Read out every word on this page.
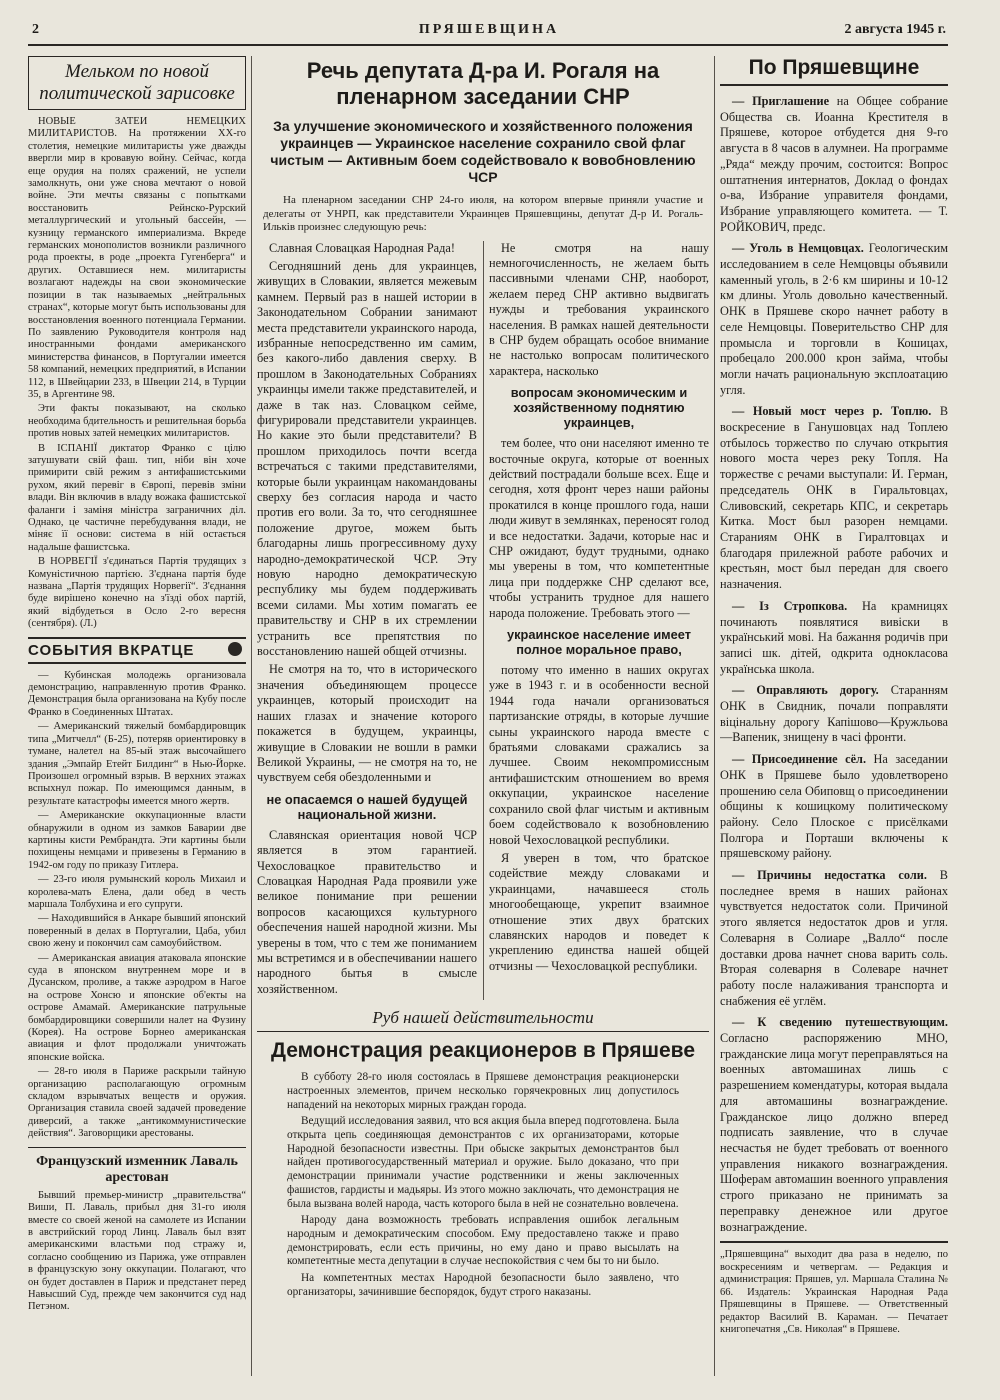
2	ПРЯШЕВЩИНА	2 августа 1945 г.
Мельком по новой политической зарисовке

НОВЫЕ ЗАТЕИ НЕМЕЦКИХ МИЛИТАРИСТОВ. На протяжении XX-го столетия, немецкие милитаристы уже дважды ввергли мир в кровавую войну. Сейчас, когда еще орудия на полях сражений, не успели замолкнуть, они уже снова мечтают о новой войне. Эти мечты связаны с попытками восстановить Рейнско-Рурский металлургический и угольный бассейн, — кузницу германского империализма. Вкреде германских монополистов возникли различного рода проекты, в роде „проекта Гугенберга“ и других. Оставшиеся нем. милитаристы возлагают надежды на свои экономические позиции в так называемых „нейтральных странах“, которые могут быть использованы для восстановления военного потенциала Германии. По заявлению Руководителя контроля над иностранными фондами американского министерства финансов, в Португалии имеется 58 компаний, немецких предприятий, в Испании 112, в Швейцарии 233, в Швеции 214, в Турции 35, в Аргентине 98.

Эти факты показывают, на сколько необходима бдительность и решительная борьба против новых затей немецких милитаристов.

В ІСПАНІЇ диктатор Франко с цілю затушувати свій фаш. тип, ніби він хоче примирити свій режим з антифашистськими рухом, який перевіг в Європі, перевів зміни влади. Він включив в владу вожака фашистської фаланги і заміня міністра заграничних діл. Однако, це частичне перебудування влади, не міняє її основи: система в ній остається надальше фашистська.

В НОРВЕГІЇ з'єдинаться Партія трудящих з Комуністичною партією. З'єднана партія буде названа „Партія трудящих Норвегії“. З'єднання буде вирішено конечно на з'їзді обох партій, який відбудеться в Осло 2-го вересня (сентября). (Л.)

СОБЫТИЯ ВКРАТЦЕ

— Кубинская молодежь организовала демонстрацию, направленную против Франко. Демонстрация была организована на Кубу после Франко в Соединенных Штатах.

— Американский тяжелый бомбардировщик типа „Митчелл“ (Б-25), потеряв ориентировку в тумане, налетел на 85-ый этаж высочайшего здания „Эмпайр Етейт Билдинг“ в Нью-Йорке. Произошел огромный взрыв. В верхних этажах вспыхнул пожар. По имеющимся данным, в результате катастрофы имеется много жертв.

— Американские оккупационные власти обнаружили в одном из замков Баварии две картины кисти Рембрандта. Эти картины были похищены немцами и привезены в Германию в 1942-ом году по приказу Гитлера.

— 23-го июля румынский король Михаил и королева-мать Елена, дали обед в честь маршала Толбухина и его супруги.

— Находившийся в Анкаре бывший японский поверенный в делах в Португалии, Цаба, убил свою жену и покончил сам самоубийством.

— Американская авиация атаковала японские суда в японском внутреннем море и в Дусанском, проливе, а также аэродром в Нагое на острове Хонсю и японские об'екты на острове Амамай. Американские патрульные бомбардировщики совершили налет на Фузину (Корея). На острове Борнео американская авиация и флот продолжали уничтожать японские войска.

— 28-го июля в Париже раскрыли тайную организацию располагающую огромным складом взрывчатых веществ и оружия. Организация ставила своей задачей проведение диверсий, а также „антикоммунистические действия“. Заговорщики арестованы.

Французский изменник Лаваль арестован

Бывший премьер-министр „правительства“ Виши, П. Лаваль, прибыл дня 31-го июля вместе со своей женой на самолете из Испании в австрийский город Линц. Лаваль был взят американскими властьми под стражу и, согласно сообщению из Парижа, уже отправлен в французскую зону оккупации. Полагают, что он будет доставлен в Париж и предстанет перед Навысший Суд, прежде чем закончится суд над Петэном.

Речь депутата Д-ра И. Рогаля на пленарном заседании СНР
За улучшение экономического и хозяйственного положения украинцев — Украинское население сохранило свой флаг чистым — Активным боем содействовало к вовобновлению ЧСР
На пленарном заседании СНР 24-го июля, на котором впервые приняли участие и делегаты от УНРП, как представители Украинцев Пряшевщины, депутат Д-р И. Рогаль-Ильків произнес следующую речь:

Славная Словацкая Народная Рада!

Сегодняшний день для украинцев, живущих в Словакии, является межевым камнем. Первый раз в нашей истории в Законодательном Собрании занимают места представители украинского народа, избранные непосредственно им самим, без какого-либо давления сверху. В прошлом в Законодательных Собраниях украинцы имели также представителей, и даже в так наз. Словацком сейме, фигурировали представители украинцев. Но какие это были представители? В прошлом приходилось почти всегда встречаться с такими представителями, которые были украинцам накомандованы сверху без согласия народа и часто против его воли. За то, что сегодняшнее положение другое, можем быть благодарны лишь прогрессивному духу народно-демократической ЧСР. Эту новую народно демократическую республику мы будем поддерживать всеми силами. Мы хотим помагать ее правительству и СНР в их стремлении устранить все препятствия по восстановлению нашей общей отчизны.

Не смотря на то, что в исторического значения объединяющем процессе украинцев, который происходит на наших глазах и значение которого покажется в будущем, украинцы, живущие в Словакии не вошли в рамки Великой Украины, — не смотря на то, не чувствуем себя обездоленными и

не опасаемся о нашей будущей национальной жизни.

Славянская ориентация новой ЧСР является в этом гарантией. Чехословацкое правительство и Словацкая Народная Рада проявили уже великое понимание при решении вопросов касающихся культурного обеспечения нашей народной жизни. Мы уверены в том, что с тем же пониманием мы встретимся и в обеспечивании нашего народного бытья в смысле хозяйственном.

Не смотря на нашу немногочисленность, не желаем быть пассивными членами СНР, наоборот, желаем перед СНР активно выдвигать нужды и требования украинского населения. В рамках нашей деятельности в СНР будем обращать особое внимание не настолько вопросам политического характера, насколько

вопросам экономическим и хозяйственному поднятию украинцев,

тем более, что они населяют именно те восточные округа, которые от военных действий пострадали больше всех. Еще и сегодня, хотя фронт через наши районы прокатился в конце прошлого года, наши люди живут в землянках, переносят голод и все недостатки. Задачи, которые нас и СНР ожидают, будут трудными, однако мы уверены в том, что компетентные лица при поддержке СНР сделают все, чтобы устранить трудное для нашего народа положение. Требовать этого —

украинское население имеет полное моральное право,

потому что именно в наших округах уже в 1943 г. и в особенности весной 1944 года начали организоваться партизанские отряды, в которые лучшие сыны украинского народа вместе с братьями словаками сражались за лучшее. Своим некомпромиссным антифашистским отношением во время оккупации, украинское население сохранило свой флаг чистым и активным боем содействовало к возобновлению новой Чехословацкой республики.

Я уверен в том, что братское содействие между словаками и украинцами, начавшееся столь многообещающе, укрепит взаимное отношение этих двух братских славянских народов и поведет к укреплению единства нашей общей отчизны — Чехословацкой республики.

Руб нашей действительности
Демонстрация реакционеров в Пряшеве

В субботу 28-го июля состоялась в Пряшеве демонстрация реакционерски настроенных элементов, причем несколько горячекровных лиц допустилось нападений на некоторых мирных граждан города.

Ведущий исследования заявил, что вся акция была вперед подготовлена. Была открыта цепь соединяющая демонстрантов с их организаторами, которые Народной безопасности известны. При обыске закрытых демонстрантов был найден противогосударственный материал и оружие. Было доказано, что при демонстрации принимали участие родственники и жены заключенных фашистов, гардисты и мадьяры. Из этого можно заключать, что демонстрация не была вызвана волей народа, часть которого была в ней не сознательно вовлечена.

Народу дана возможность требовать исправления ошибок легальным народным и демократическим способом. Ему предоставлено также и право демонстрировать, если есть причины, но ему дано и право высылать на компетентные места депутации в случае неспокойствия с чем бы то ни было.

На компетентных местах Народной безопасности было заявлено, что организаторы, зачинившие беспорядок, будут строго наказаны.

По Пряшевщине

— Приглашение на Общее собрание Общества св. Иоанна Крестителя в Пряшеве, которое отбудется дня 9-го августа в 8 часов в алумнеи. На программе „Ряда“ между прочим, состоится: Вопрос оштатнения интернатов, Доклад о фондах о-ва, Избрание управителя фондами, Избрание управляющего комитета. — Т. РОЙКОВИЧ, предс.

— Уголь в Немцовцах. Геологическим исследованием в селе Немцовцы объявили каменный уголь, в 2·6 км ширины и 10-12 км длины. Уголь довольно качественный. ОНК в Пряшеве скоро начнет работу в селе Немцовцы. Поверительство СНР для промысла и торговли в Кошицах, пробецало 200.000 крон займа, чтобы могли начать рациональную эксплоатацию угля.

— Новый мост через р. Топлю. В воскресение в Ганушовцах над Топлею отбылось торжество по случаю открытия нового моста через реку Топля. На торжестве с речами выступали: И. Герман, председатель ОНК в Гиральтовцах, Сливовский, секретарь КПС, и секретарь Китка. Мост был разорен немцами. Стараниям ОНК в Гиралтовцах и благодаря прилежной работе рабочих и крестьян, мост был передан для своего назначения.

— Із Стропкова. На крамницях починають появлятися вивіски в український мові. На бажання родичів при записі шк. дітей, одкрита однокласова українська школа.

— Оправляють дорогу. Старанням ОНК в Свидник, почали поправляти віцінальну дорогу Капішово—Кружльова—Вапеник, знищену в часі фронти.

— Присоединение сёл. На заседании ОНК в Пряшеве было удовлетворено прошению села Обиповщ о присоединении общины к кошицкому политическому району. Село Плоское с присёлками Полгора и Порташи включены к пряшевскому району.

— Причины недостатка соли. В последнее время в наших районах чувствуется недостаток соли. Причиной этого является недостаток дров и угля. Солеварня в Солиаре „Валло“ после доставки дрова начнет снова варить соль. Вторая солеварня в Солеваре начнет работу после налаживания транспорта и снабжения её углём.

— К сведению путешествующим. Согласно распоряжению МНО, гражданские лица могут переправляться на военных автомашинах лишь с разрешением комендатуры, которая выдала для автомашины вознаграждение. Гражданское лицо должно вперед подписать заявление, что в случае несчастья не будет требовать от военного управления никакого вознаграждения. Шоферам автомашин военного управления строго приказано не принимать за переправку денежное или другое вознаграждение.

„Пряшевщина“ выходит два раза в неделю, по воскресениям и четвергам. — Редакция и администрация: Пряшев, ул. Маршала Сталина № 66. Издатель: Украинская Народная Рада Пряшевщины в Пряшеве. — Ответственный редактор Василий В. Караман. — Печатает книгопечатня „Св. Николая“ в Пряшеве.
